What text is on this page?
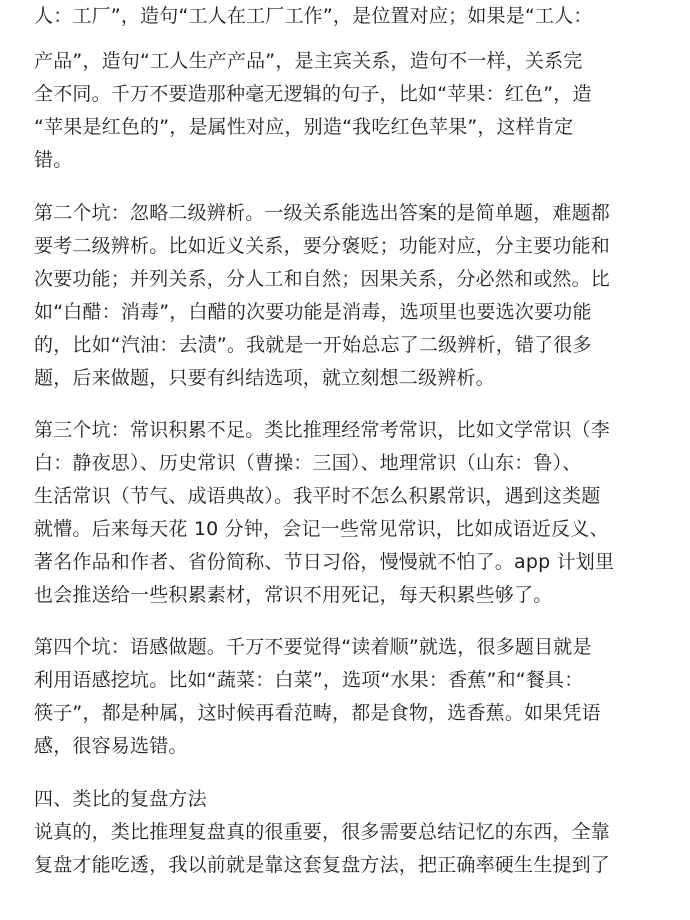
人：工厂”，造句“工人在工厂工作”，是位置对应；如果是“工人：
产品”，造句“工人生产产品”，是主宾关系，造句不一样，关系完
全不同。千万不要造那种毫无逻辑的句子，比如“苹果：红色”，造
“苹果是红色的”，是属性对应，别造“我吃红色苹果”，这样肯定
错。
第二个坑：忽略二级辨析。一级关系能选出答案的是简单题，难题都
要考二级辨析。比如近义关系，要分褒贬；功能对应，分主要功能和
次要功能；并列关系，分人工和自然；因果关系，分必然和或然。比
如“白醋：消毒”，白醋的次要功能是消毒，选项里也要选次要功能
的，比如“汽油：去渍”。我就是一开始总忘了二级辨析，错了很多
题，后来做题，只要有纠结选项，就立刻想二级辨析。
第三个坑：常识积累不足。类比推理经常考常识，比如文学常识（李
白：静夜思）、历史常识（曹操：三国）、地理常识（山东：鲁）、
生活常识（节气、成语典故）。我平时不怎么积累常识，遇到这类题
就懵。后来每天花 10 分钟，会记一些常见常识，比如成语近反义、
著名作品和作者、省份简称、节日习俗，慢慢就不怕了。app 计划里
也会推送给一些积累素材，常识不用死记，每天积累些够了。
第四个坑：语感做题。千万不要觉得“读着顺”就选，很多题目就是
利用语感挖坑。比如“蔬菜：白菜”，选项“水果：香蕉”和“餐具：
筷子”，都是种属，这时候再看范畴，都是食物，选香蕉。如果凭语
感，很容易选错。
四、类比的复盘方法
说真的，类比推理复盘真的很重要，很多需要总结记忆的东西，全靠
复盘才能吃透，我以前就是靠这套复盘方法，把正确率硬生生提到了
